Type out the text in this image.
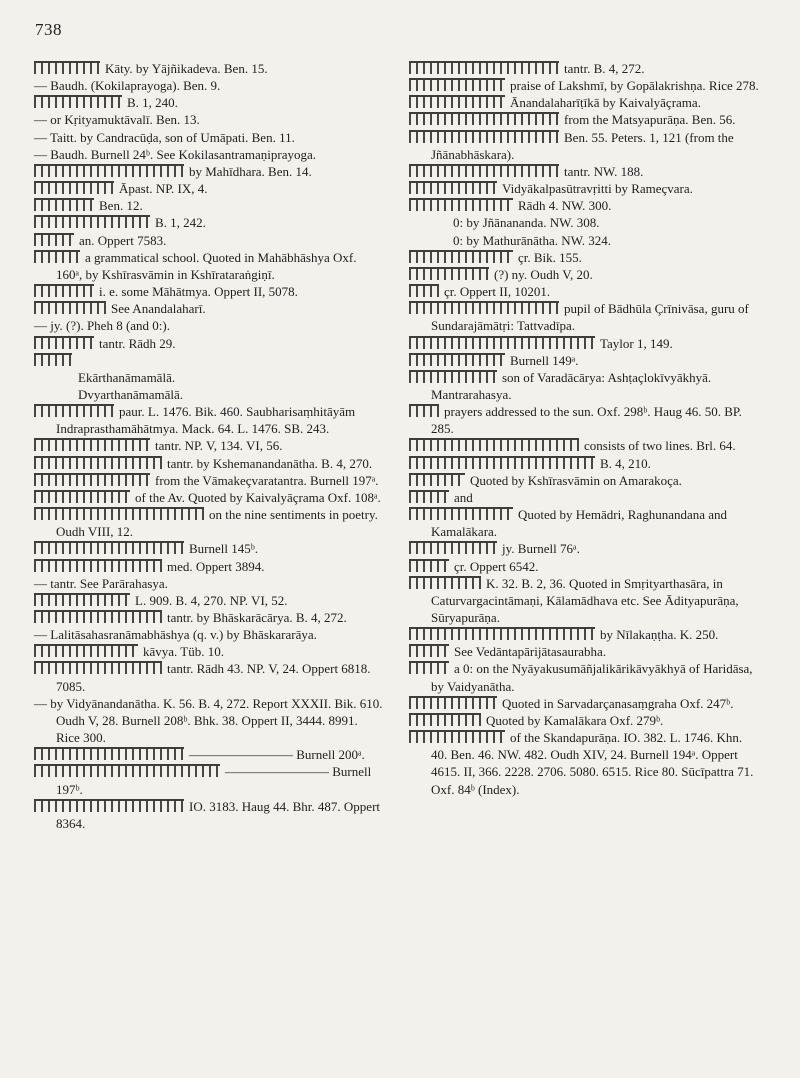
738

Kāty. by Yājñikadeva. Ben. 15.

— Baudh. (Kokilaprayoga). Ben. 9.

B. 1, 240.

— or Kṛityamuktāvalī. Ben. 13.

— Taitt. by Candracūḍa, son of Umāpati. Ben. 11.

— Baudh. Burnell 24ᵇ. See Kokilasantramaṇiprayoga.

by Mahīdhara. Ben. 14.

Āpast. NP. IX, 4.

Ben. 12.

B. 1, 242.

an. Oppert 7583.

a grammatical school. Quoted in Mahābhāshya Oxf. 160ᵃ, by Kshīrasvāmin in Kshīrataraṅgiṇī.

i. e. some Māhātmya. Oppert II, 5078.

See Anandalaharī.

— jy. (?). Pheh 8 (and 0:).

tantr. Rādh 29.

Ekārthanāmamālā.

Dvyarthanāmamālā.

paur. L. 1476. Bik. 460. Saubharisaṃhitāyām Indraprasthamāhātmya. Mack. 64. L. 1476. SB. 243.

tantr. NP. V, 134. VI, 56.

tantr. by Kshemanandanātha. B. 4, 270.

from the Vāmakeçvaratantra. Burnell 197ᵃ.

of the Av. Quoted by Kaivalyāçrama Oxf. 108ᵃ.

on the nine sentiments in poetry. Oudh VIII, 12.

Burnell 145ᵇ.

med. Oppert 3894.

— tantr. See Parārahasya.

L. 909. B. 4, 270. NP. VI, 52.

tantr. by Bhāskarācārya. B. 4, 272.

— Lalitāsahasranāmabhāshya (q. v.) by Bhāskararāya.

kāvya. Tüb. 10.

tantr. Rādh 43. NP. V, 24. Oppert 6818. 7085.

— by Vidyānandanātha. K. 56. B. 4, 272. Report XXXII. Bik. 610. Oudh V, 28. Burnell 208ᵇ. Bhk. 38. Oppert II, 3444. 8991. Rice 300.

———————— Burnell 200ᵃ.

———————— Burnell 197ᵇ.

IO. 3183. Haug 44. Bhr. 487. Oppert 8364.

tantr. B. 4, 272.

praise of Lakshmī, by Gopālakrishṇa. Rice 278.

Ānandalaharīṭīkā by Kaivalyāçrama.

from the Matsyapurāṇa. Ben. 56.

Ben. 55. Peters. 1, 121 (from the Jñānabhāskara).

tantr. NW. 188.

Vidyākalpasūtravṛitti by Rameçvara.

Rādh 4. NW. 300.

0: by Jñānananda. NW. 308.

0: by Mathurānātha. NW. 324.

çr. Bik. 155.

(?) ny. Oudh V, 20.

çr. Oppert II, 10201.

pupil of Bādhūla Çrīnivāsa, guru of Sundarajāmātṛi: Tattvadīpa.

Taylor 1, 149.

Burnell 149ᵃ.

son of Varadācārya: Ashṭaçlokīvyākhyā. Mantrarahasya.

prayers addressed to the sun. Oxf. 298ᵇ. Haug 46. 50. BP. 285.

consists of two lines. Brl. 64.

B. 4, 210.

Quoted by Kshīrasvāmin on Amarakoça.

and

Quoted by Hemādri, Raghunandana and Kamalākara.

jy. Burnell 76ᵃ.

çr. Oppert 6542.

K. 32. B. 2, 36. Quoted in Smṛityarthasāra, in Caturvargacintāmaṇi, Kālamādhava etc. See Ādityapurāṇa, Sūryapurāṇa.

by Nīlakaṇṭha. K. 250.

See Vedāntapārijātasaurabha.

a 0: on the Nyāyakusumāñjalikārikāvyākhyā of Haridāsa, by Vaidyanātha.

Quoted in Sarvadarçanasaṃgraha Oxf. 247ᵇ.

Quoted by Kamalākara Oxf. 279ᵇ.

of the Skandapurāṇa. IO. 382. L. 1746. Khn. 40. Ben. 46. NW. 482. Oudh XIV, 24. Burnell 194ᵃ. Oppert 4615. II, 366. 2228. 2706. 5080. 6515. Rice 80. Sūcīpattra 71. Oxf. 84ᵇ (Index).
